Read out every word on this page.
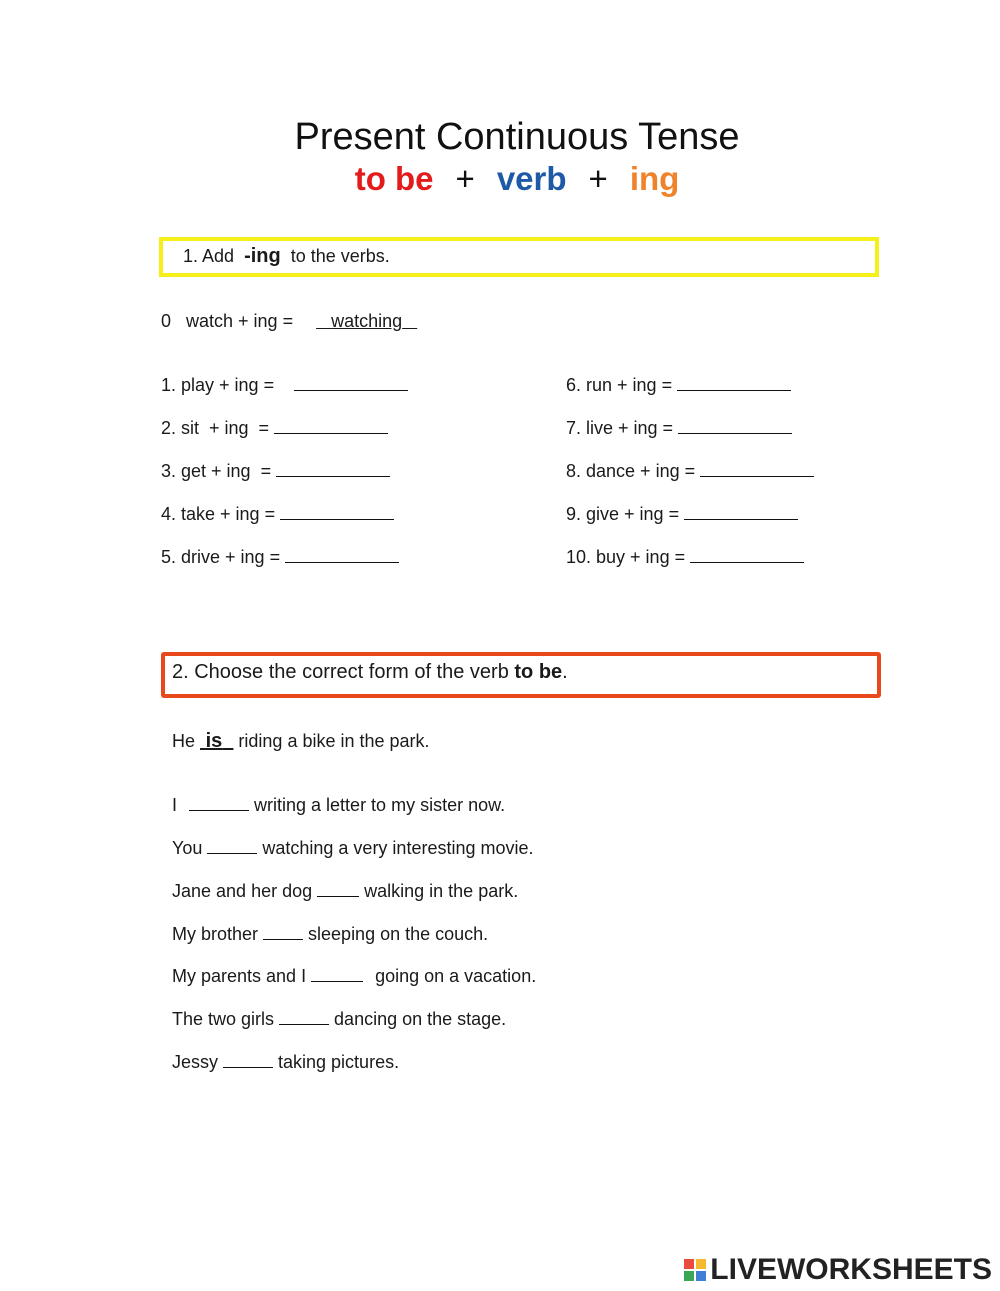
Present Continuous Tense
to be + verb + ing
1. Add -ing to the verbs.
0   watch + ing = watching
1. play + ing =
2. sit  + ing  =
3. get + ing  =
4. take + ing =
5. drive + ing =
6. run + ing =
7. live + ing =
8. dance + ing =
9. give + ing =
10. buy + ing =
2. Choose the correct form of the verb to be.
He is riding a bike in the park.
I	writing a letter to my sister now.
You	watching a very interesting movie.
Jane and her dog	walking in the park.
My brother	sleeping on the couch.
My parents and I	going on a vacation.
The two girls	dancing on the stage.
Jessy	taking pictures.
LIVEWORKSHEETS
